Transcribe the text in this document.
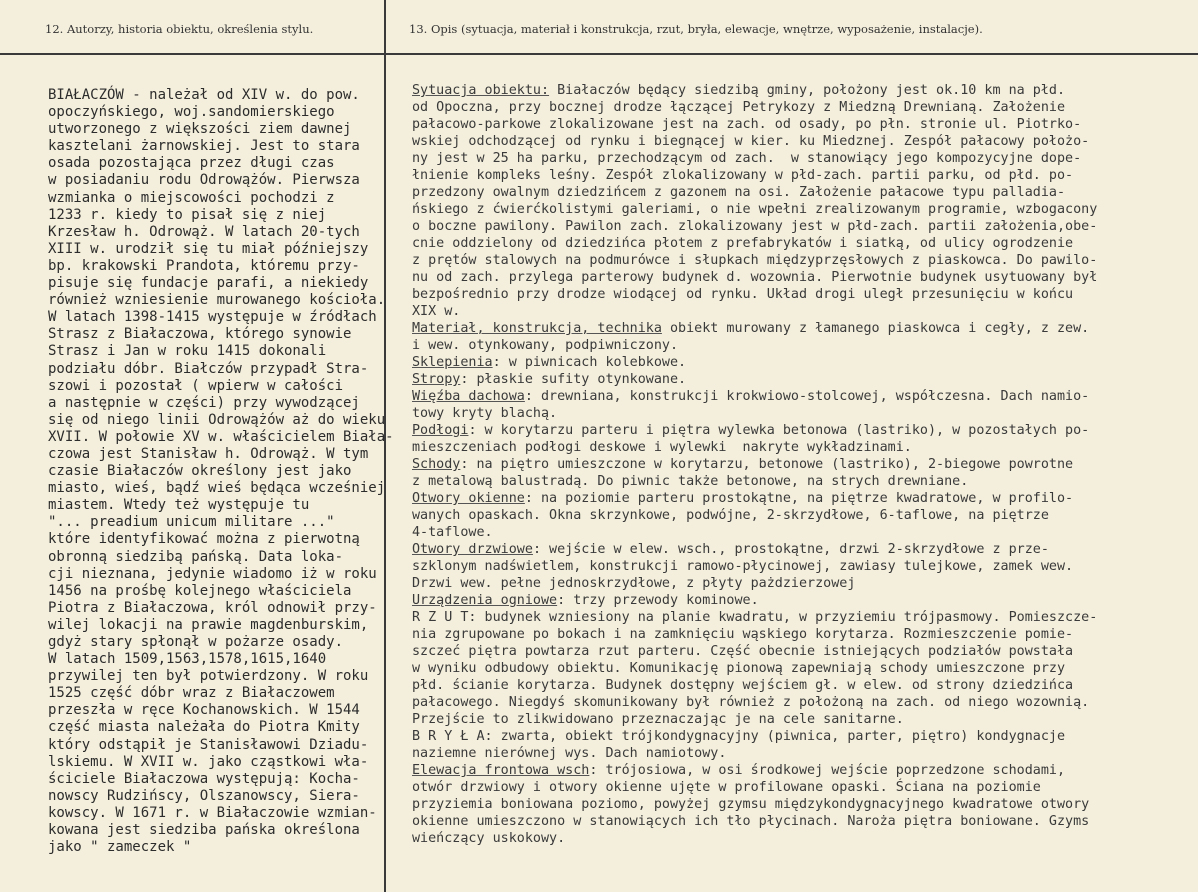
12. Autorzy, historia obiektu, określenia stylu.	13. Opis (sytuacja, materiał i konstrukcja, rzut, bryła, elewacje, wnętrze, wyposażenie, instalacje).
BIAŁACZÓW - należał od XIV w. do pow.
opoczyńskiego, woj.sandomierskiego
utworzonego z większości ziem dawnej
kasztelani żarnowskiej. Jest to stara
osada pozostająca przez długi czas
w posiadaniu rodu Odrowążów. Pierwsza
wzmianka o miejscowości pochodzi z
1233 r. kiedy to pisał się z niej
Krzesław h. Odrowąż. W latach 20-tych
XIII w. urodził się tu miał późniejszy
bp. krakowski Prandota, któremu przy-
pisuje się fundacje parafi, a niekiedy
również wzniesienie murowanego kościoła.
W latach 1398-1415 występuje w źródłach
Strasz z Białaczowa, którego synowie
Strasz i Jan w roku 1415 dokonali
podziału dóbr. Białczów przypadł Stra-
szowi i pozostał ( wpierw w całości
a następnie w części) przy wywodzącej
się od niego linii Odrowążów aż do wieku
XVII. W połowie XV w. właścicielem Biała-
czowa jest Stanisław h. Odrowąż. W tym
czasie Białaczów określony jest jako
miasto, wieś, bądź wieś będąca wcześniej
miastem. Wtedy też występuje tu
"... preadium unicum militare ..."
które identyfikować można z pierwotną
obronną siedzibą pańską. Data loka-
cji nieznana, jedynie wiadomo iż w roku
1456 na prośbę kolejnego właściciela
Piotra z Białaczowa, król odnowił przy-
wilej lokacji na prawie magdenburskim,
gdyż stary spłonął w pożarze osady.
W latach 1509,1563,1578,1615,1640
przywilej ten był potwierdzony. W roku
1525 część dóbr wraz z Białaczowem
przeszła w ręce Kochanowskich. W 1544
część miasta należała do Piotra Kmity
który odstąpił je Stanisławowi Dziadu-
lskiemu. W XVII w. jako cząstkowi wła-
ściciele Białaczowa występują: Kocha-
nowscy Rudzińscy, Olszanowscy, Siera-
kowscy. W 1671 r. w Białaczowie wzmian-
kowana jest siedziba pańska określona
jako " zameczek "
Sytuacja obiektu: Białaczów będący siedzibą gminy, położony jest ok.10 km na płd.
od Opoczna, przy bocznej drodze łączącej Petrykozy z Miedzną Drewnianą. Założenie
pałacowo-parkowe zlokalizowane jest na zach. od osady, po płn. stronie ul. Piotrko-
wskiej odchodzącej od rynku i biegnącej w kier. ku Miedznej. Zespół pałacowy położo-
ny jest w 25 ha parku, przechodzącym od zach.  w stanowiący jego kompozycyjne dope-
łnienie kompleks leśny. Zespół zlokalizowany w płd-zach. partii parku, od płd. po-
przedzony owalnym dziedzińcem z gazonem na osi. Założenie pałacowe typu palladia-
ńskiego z ćwierćkolistymi galeriami, o nie wpełni zrealizowanym programie, wzbogacony
o boczne pawilony. Pawilon zach. zlokalizowany jest w płd-zach. partii założenia,obe-
cnie oddzielony od dziedzińca płotem z prefabrykatów i siatką, od ulicy ogrodzenie
z prętów stalowych na podmurówce i słupkach międzyprzęsłowych z piaskowca. Do pawilo-
nu od zach. przylega parterowy budynek d. wozownia. Pierwotnie budynek usytuowany był
bezpośrednio przy drodze wiodącej od rynku. Układ drogi uległ przesunięciu w końcu
XIX w.
Materiał, konstrukcja, technika obiekt murowany z łamanego piaskowca i cegły, z zew.
i wew. otynkowany, podpiwniczony.
Sklepienia: w piwnicach kolebkowe.
Stropy: płaskie sufity otynkowane.
Więźba dachowa: drewniana, konstrukcji krokwiowo-stolcowej, współczesna. Dach namio-
towy kryty blachą.
Podłogi: w korytarzu parteru i piętra wylewka betonowa (lastriko), w pozostałych po-
mieszczeniach podłogi deskowe i wylewki  nakryte wykładzinami.
Schody: na piętro umieszczone w korytarzu, betonowe (lastriko), 2-biegowe powrotne
z metalową balustradą. Do piwnic także betonowe, na strych drewniane.
Otwory okienne: na poziomie parteru prostokątne, na piętrze kwadratowe, w profilo-
wanych opaskach. Okna skrzynkowe, podwójne, 2-skrzydłowe, 6-taflowe, na piętrze
4-taflowe.
Otwory drzwiowe: wejście w elew. wsch., prostokątne, drzwi 2-skrzydłowe z prze-
szklonym nadświetlem, konstrukcji ramowo-płycinowej, zawiasy tulejkowe, zamek wew.
Drzwi wew. pełne jednoskrzydłowe, z płyty pażdzierzowej
Urządzenia ogniowe: trzy przewody kominowe.
R Z U T: budynek wzniesiony na planie kwadratu, w przyziemiu trójpasmowy. Pomieszcze-
nia zgrupowane po bokach i na zamknięciu wąskiego korytarza. Rozmieszczenie pomie-
szczeć piętra powtarza rzut parteru. Część obecnie istniejących podziałów powstała
w wyniku odbudowy obiektu. Komunikację pionową zapewniają schody umieszczone przy
płd. ścianie korytarza. Budynek dostępny wejściem gł. w elew. od strony dziedzińca
pałacowego. Niegdyś skomunikowany był również z położoną na zach. od niego wozownią.
Przejście to zlikwidowano przeznaczając je na cele sanitarne.
B R Y Ł A: zwarta, obiekt trójkondygnacyjny (piwnica, parter, piętro) kondygnacje
naziemne nierównej wys. Dach namiotowy.
Elewacja frontowa wsch: trójosiowa, w osi środkowej wejście poprzedzone schodami,
otwór drzwiowy i otwory okienne ujęte w profilowane opaski. Ściana na poziomie
przyziemia boniowana poziomo, powyżej gzymsu międzykondygnacyjnego kwadratowe otwory
okienne umieszczono w stanowiących ich tło płycinach. Naroża piętra boniowane. Gzyms
wieńczący uskokowy.
